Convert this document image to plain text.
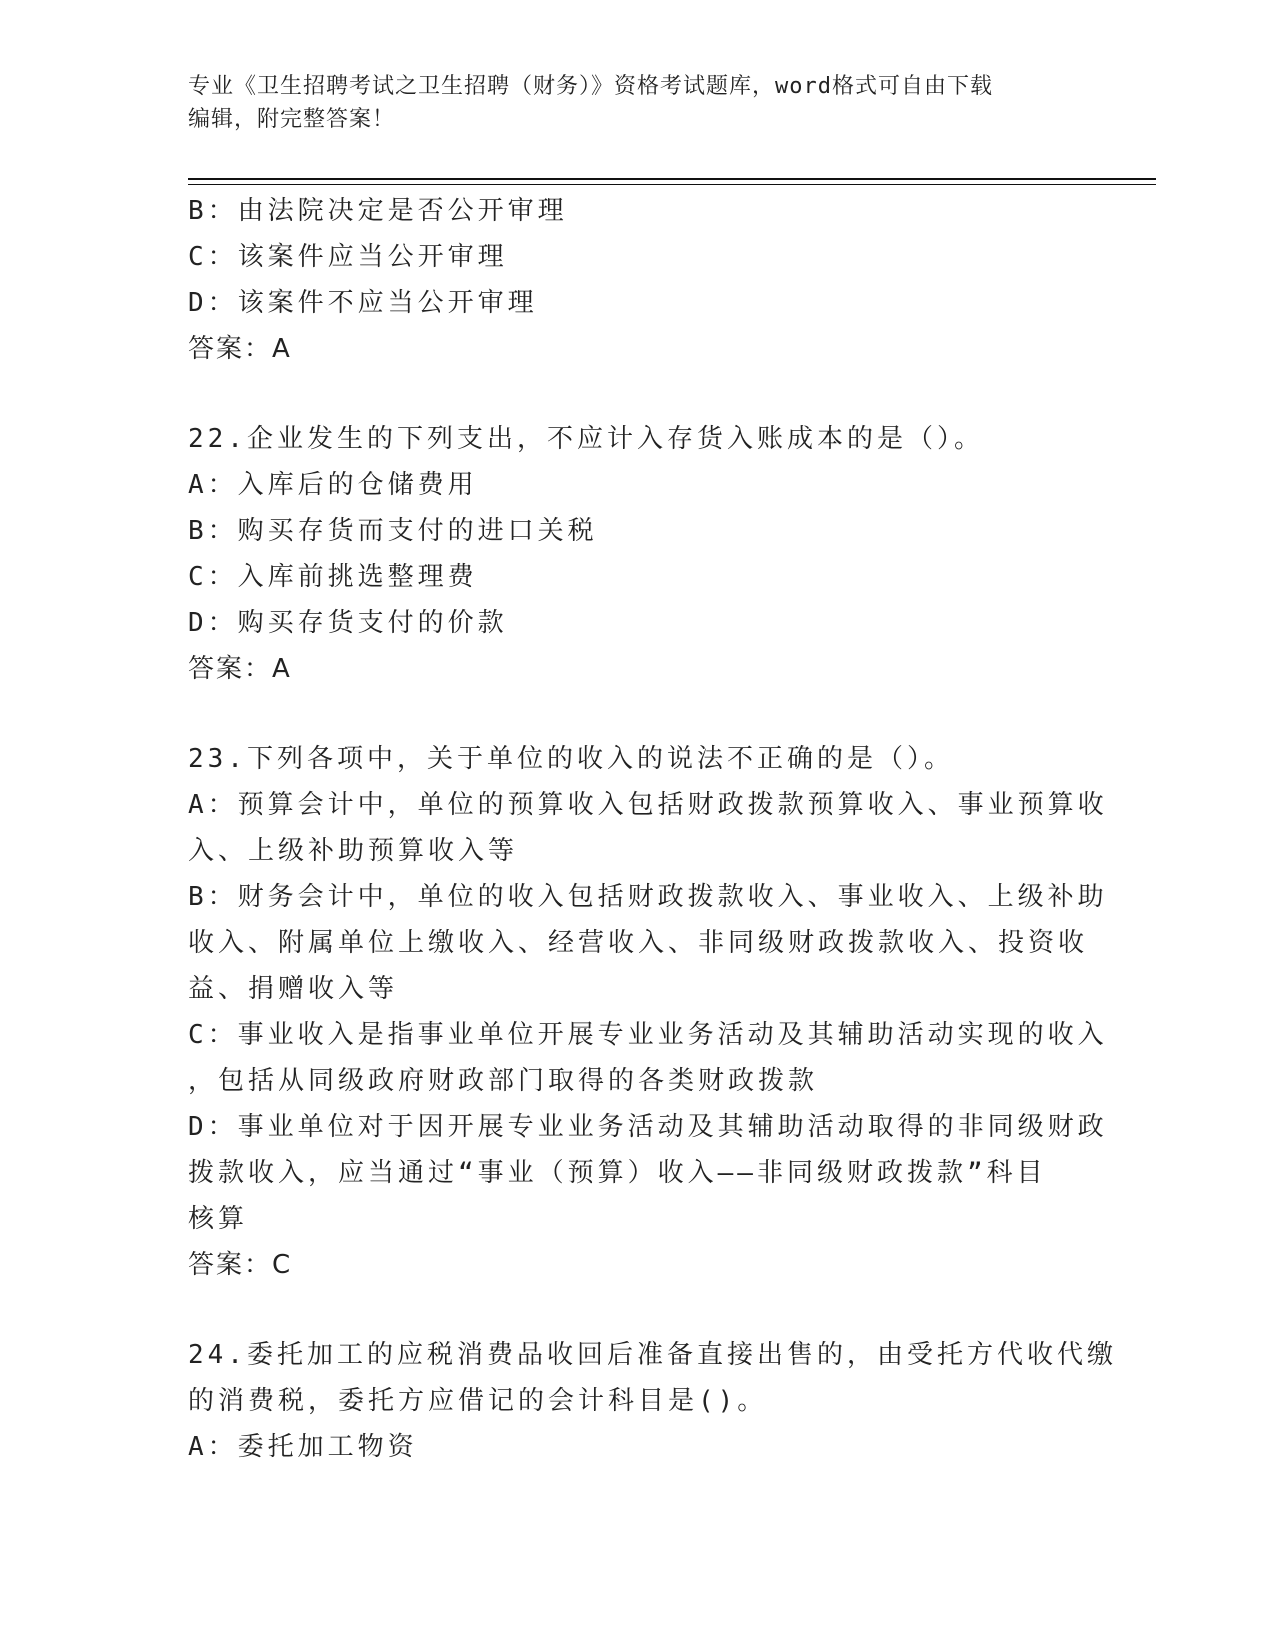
专业《卫生招聘考试之卫生招聘（财务）》资格考试题库，word格式可自由下载
编辑，附完整答案！
B：由法院决定是否公开审理
C：该案件应当公开审理
D：该案件不应当公开审理
答案：A
22.企业发生的下列支出，不应计入存货入账成本的是（）。
A：入库后的仓储费用
B：购买存货而支付的进口关税
C：入库前挑选整理费
D：购买存货支付的价款
答案：A
23.下列各项中，关于单位的收入的说法不正确的是（）。
A：预算会计中，单位的预算收入包括财政拨款预算收入、事业预算收
入、上级补助预算收入等
B：财务会计中，单位的收入包括财政拨款收入、事业收入、上级补助
收入、附属单位上缴收入、经营收入、非同级财政拨款收入、投资收
益、捐赠收入等
C：事业收入是指事业单位开展专业业务活动及其辅助活动实现的收入
，包括从同级政府财政部门取得的各类财政拨款
D：事业单位对于因开展专业业务活动及其辅助活动取得的非同级财政
拨款收入，应当通过“事业（预算）收入——非同级财政拨款”科目
核算
答案：C
24.委托加工的应税消费品收回后准备直接出售的，由受托方代收代缴
的消费税，委托方应借记的会计科目是()。
A：委托加工物资
